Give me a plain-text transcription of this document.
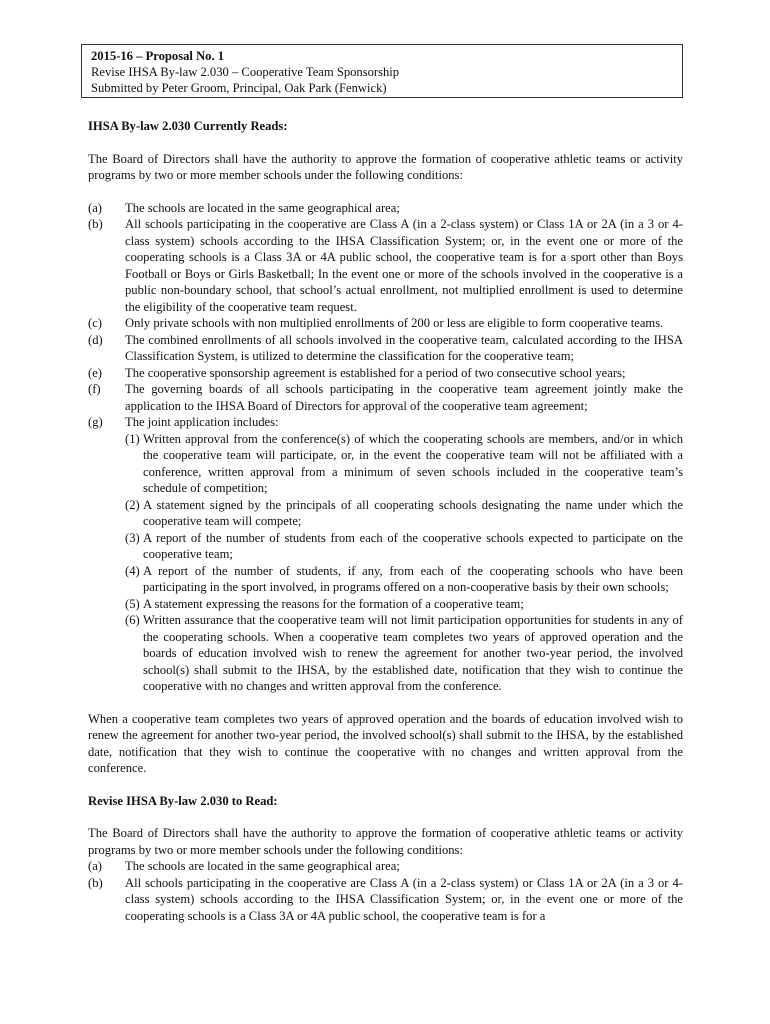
2015-16 – Proposal No. 1
Revise IHSA By-law 2.030 – Cooperative Team Sponsorship
Submitted by Peter Groom, Principal, Oak Park (Fenwick)

IHSA By-law 2.030 Currently Reads:

The Board of Directors shall have the authority to approve the formation of cooperative athletic teams or activity programs by two or more member schools under the following conditions:

(a) The schools are located in the same geographical area;
(b) All schools participating in the cooperative are Class A (in a 2-class system) or Class 1A or 2A (in a 3 or 4-class system) schools according to the IHSA Classification System; or, in the event one or more of the cooperating schools is a Class 3A or 4A public school, the cooperative team is for a sport other than Boys Football or Boys or Girls Basketball; In the event one or more of the schools involved in the cooperative is a public non-boundary school, that school’s actual enrollment, not multiplied enrollment is used to determine the eligibility of the cooperative team request.
(c) Only private schools with non multiplied enrollments of 200 or less are eligible to form cooperative teams.
(d) The combined enrollments of all schools involved in the cooperative team, calculated according to the IHSA Classification System, is utilized to determine the classification for the cooperative team;
(e) The cooperative sponsorship agreement is established for a period of two consecutive school years;
(f) The governing boards of all schools participating in the cooperative team agreement jointly make the application to the IHSA Board of Directors for approval of the cooperative team agreement;
(g) The joint application includes:
(1) Written approval from the conference(s) of which the cooperating schools are members, and/or in which the cooperative team will participate, or, in the event the cooperative team will not be affiliated with a conference, written approval from a minimum of seven schools included in the cooperative team’s schedule of competition;
(2) A statement signed by the principals of all cooperating schools designating the name under which the cooperative team will compete;
(3) A report of the number of students from each of the cooperative schools expected to participate on the cooperative team;
(4) A report of the number of students, if any, from each of the cooperating schools who have been participating in the sport involved, in programs offered on a non-cooperative basis by their own schools;
(5) A statement expressing the reasons for the formation of a cooperative team;
(6) Written assurance that the cooperative team will not limit participation opportunities for students in any of the cooperating schools. When a cooperative team completes two years of approved operation and the boards of education involved wish to renew the agreement for another two-year period, the involved school(s) shall submit to the IHSA, by the established date, notification that they wish to continue the cooperative with no changes and written approval from the conference.

When a cooperative team completes two years of approved operation and the boards of education involved wish to renew the agreement for another two-year period, the involved school(s) shall submit to the IHSA, by the established date, notification that they wish to continue the cooperative with no changes and written approval from the conference.

Revise IHSA By-law 2.030 to Read:

The Board of Directors shall have the authority to approve the formation of cooperative athletic teams or activity programs by two or more member schools under the following conditions:

(a) The schools are located in the same geographical area;
(b) All schools participating in the cooperative are Class A (in a 2-class system) or Class 1A or 2A (in a 3 or 4-class system) schools according to the IHSA Classification System; or, in the event one or more of the cooperating schools is a Class 3A or 4A public school, the cooperative team is for a
